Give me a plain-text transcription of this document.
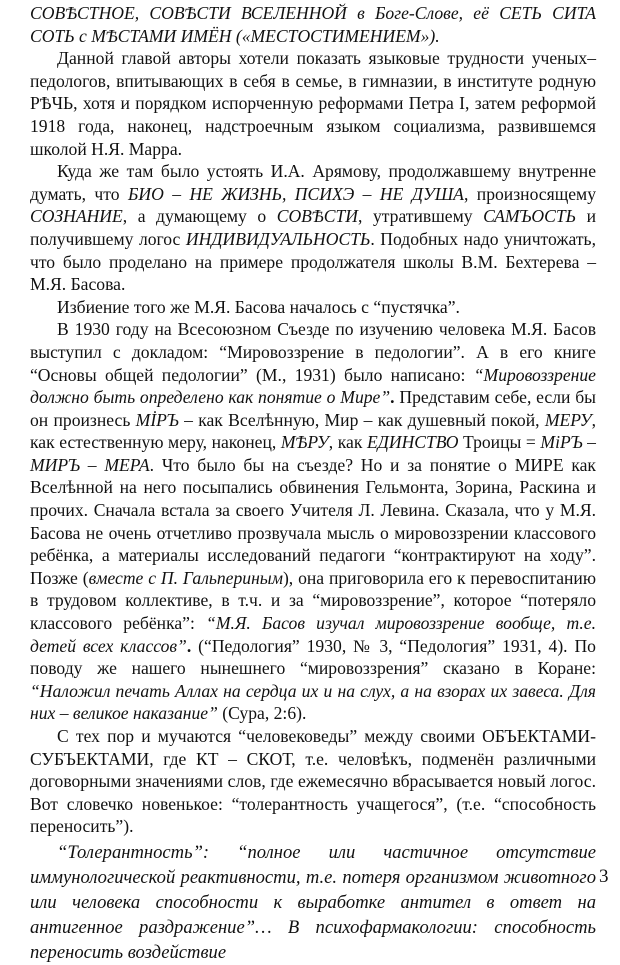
СОВѢСТНОЕ, СОВѢСТИ ВСЕЛЕННОЙ в Боге-Слове, её СЕТЬ СИТА СОТЬ с МѢСТАМИ ИМЁН («МЕСТОСТИМЕНИЕМ»).

Данной главой авторы хотели показать языковые трудности ученых–педологов, впитывающих в себя в семье, в гимназии, в институте родную РѢЧЬ, хотя и порядком испорченную реформами Петра I, затем реформой 1918 года, наконец, надстроечным языком социализма, развившемся школой Н.Я. Марра.

Куда же там было устоять И.А. Арямову, продолжавшему внутренне думать, что БИО – НЕ ЖИЗНЬ, ПСИХЭ – НЕ ДУША, произносящему СОЗНАНИЕ, а думающему о СОВѢСТИ, утратившему САМЪОСТЬ и получившему логос ИНДИВИДУАЛЬНОСТЬ. Подобных надо уничтожать, что было проделано на примере продолжателя школы В.М. Бехтерева – М.Я. Басова.

Избиение того же М.Я. Басова началось с “пустячка”.

В 1930 году на Всесоюзном Съезде по изучению человека М.Я. Басов выступил с докладом: “Мировоззрение в педологии”. А в его книге “Основы общей педологии” (М., 1931) было написано: “Мировоззрение должно быть определено как понятие о Мире”. Представим себе, если бы он произнесь МİРЪ – как Вселѣнную, Мир – как душевный покой, МЕРУ, как естественную меру, наконец, МѢРУ, как ЕДИНСТВО Троицы = МiРЪ – МИРЪ – МЕРА. Что было бы на съезде? Но и за понятие о МИРЕ как Вселѣнной на него посыпались обвинения Гельмонта, Зорина, Раскина и прочих. Сначала встала за своего Учителя Л. Левина. Сказала, что у М.Я. Басова не очень отчетливо прозвучала мысль о мировоззрении классового ребёнка, а материалы исследований педагоги “контрактируют на ходу”. Позже (вместе с П. Гальпериным), она приговорила его к перевоспитанию в трудовом коллективе, в т.ч. и за “мировоззрение”, которое “потеряло классового ребёнка”: “М.Я. Басов изучал мировоззрение вообще, т.е. детей всех классов”. (“Педология” 1930, № 3, “Педология” 1931, 4). По поводу же нашего нынешнего “мировоззрения” сказано в Коране: “Наложил печать Аллах на сердца их и на слух, а на взорах их завеса. Для них – великое наказание” (Сура, 2:6).

С тех пор и мучаются “человековеды” между своими ОБЪЕКТАМИ-СУБЪЕКТАМИ, где КТ – СКОТ, т.е. человѣкъ, подменён различными договорными значениями слов, где ежемесячно вбрасывается новый логос. Вот словечко новенькое: “толерантность учащегося”, (т.е. “способность переносить”).

“Толерантность”: “полное или частичное отсутствие иммунологической реактивности, т.е. потеря организмом животного или человека способности к выработке антител в ответ на антигенное раздражение”… В психофармакологии: способность переносить воздействие

3
